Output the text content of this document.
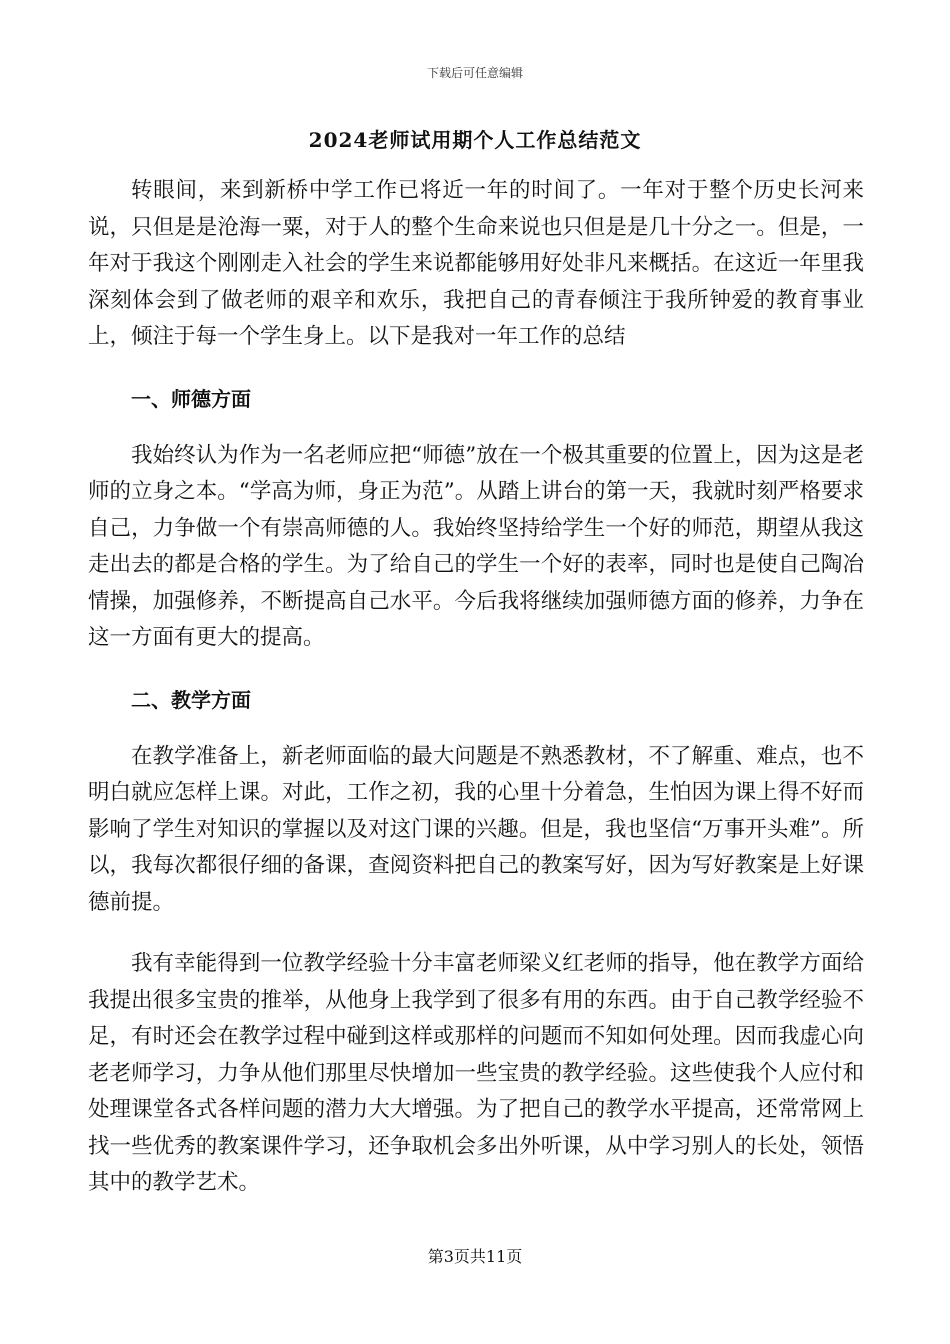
下载后可任意编辑
2024老师试用期个人工作总结范文

转眼间，来到新桥中学工作已将近一年的时间了。一年对于整个历史长河来说，只但是是沧海一粟，对于人的整个生命来说也只但是是几十分之一。但是，一年对于我这个刚刚走入社会的学生来说都能够用好处非凡来概括。在这近一年里我深刻体会到了做老师的艰辛和欢乐，我把自己的青春倾注于我所钟爱的教育事业上，倾注于每一个学生身上。以下是我对一年工作的总结

一、师德方面

我始终认为作为一名老师应把“师德”放在一个极其重要的位置上，因为这是老师的立身之本。“学高为师，身正为范”。从踏上讲台的第一天，我就时刻严格要求自己，力争做一个有崇高师德的人。我始终坚持给学生一个好的师范，期望从我这走出去的都是合格的学生。为了给自己的学生一个好的表率，同时也是使自己陶冶情操，加强修养，不断提高自己水平。今后我将继续加强师德方面的修养，力争在这一方面有更大的提高。

二、教学方面

在教学准备上，新老师面临的最大问题是不熟悉教材，不了解重、难点，也不明白就应怎样上课。对此，工作之初，我的心里十分着急，生怕因为课上得不好而影响了学生对知识的掌握以及对这门课的兴趣。但是，我也坚信“万事开头难”。所以，我每次都很仔细的备课，查阅资料把自己的教案写好，因为写好教案是上好课德前提。

我有幸能得到一位教学经验十分丰富老师梁义红老师的指导，他在教学方面给我提出很多宝贵的推举，从他身上我学到了很多有用的东西。由于自己教学经验不足，有时还会在教学过程中碰到这样或那样的问题而不知如何处理。因而我虚心向老老师学习，力争从他们那里尽快增加一些宝贵的教学经验。这些使我个人应付和处理课堂各式各样问题的潜力大大增强。为了把自己的教学水平提高，还常常网上找一些优秀的教案课件学习，还争取机会多出外听课，从中学习别人的长处，领悟其中的教学艺术。

第3页共11页
